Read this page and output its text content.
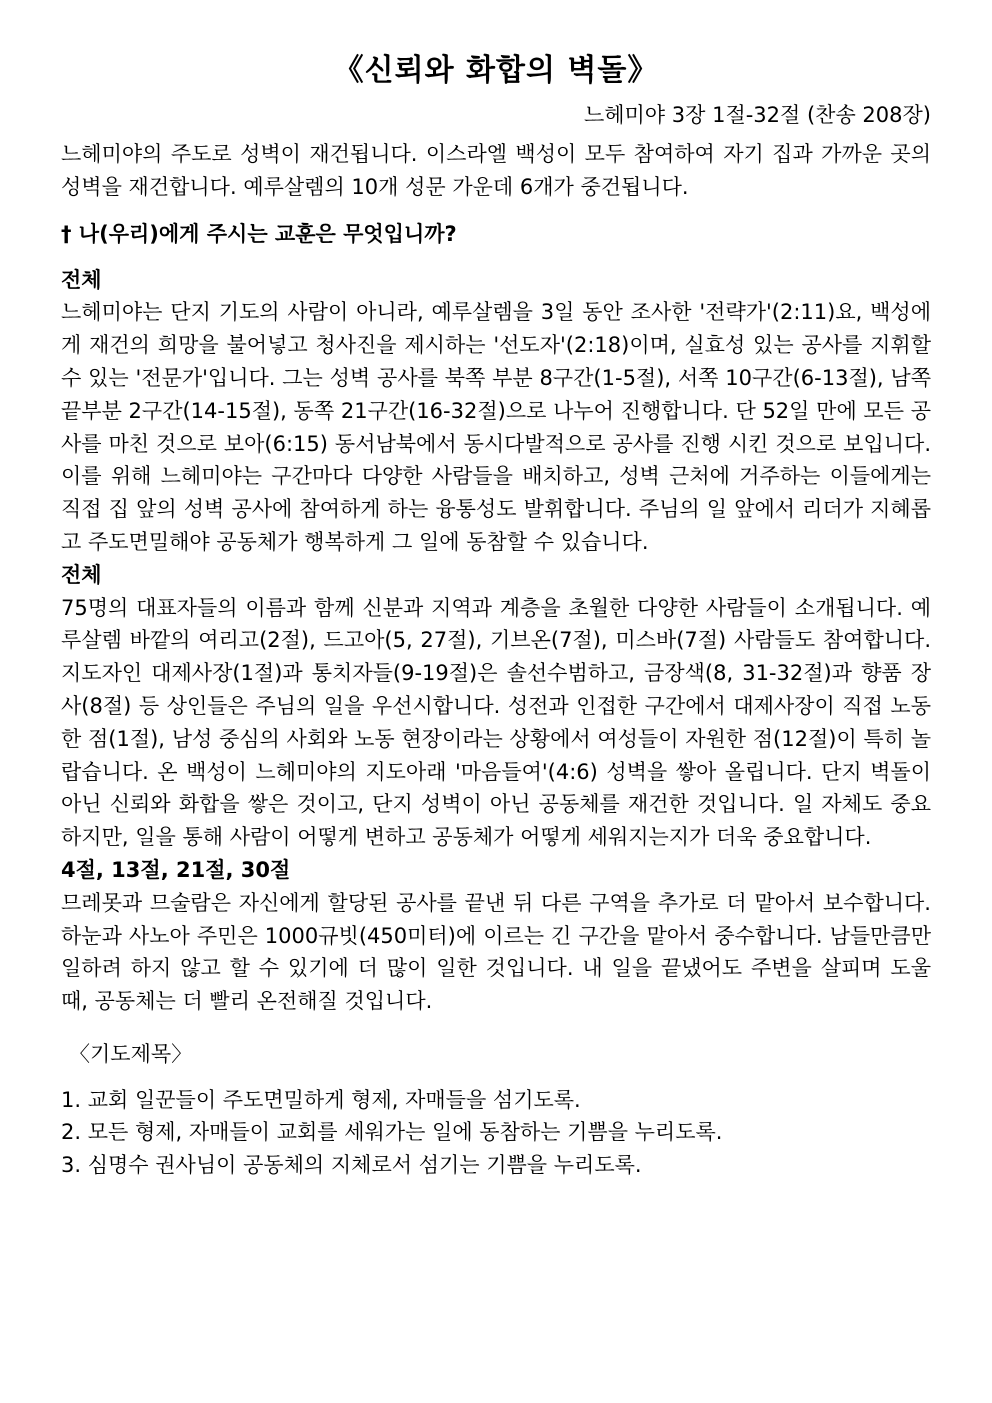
《신뢰와 화합의 벽돌》
느헤미야 3장 1절-32절 (찬송 208장)

느헤미야의 주도로 성벽이 재건됩니다. 이스라엘 백성이 모두 참여하여 자기 집과 가까운 곳의 성벽을 재건합니다. 예루살렘의 10개 성문 가운데 6개가 중건됩니다.

† 나(우리)에게 주시는 교훈은 무엇입니까?
전체

느헤미야는 단지 기도의 사람이 아니라, 예루살렘을 3일 동안 조사한 '전략가'(2:11)요, 백성에게 재건의 희망을 불어넣고 청사진을 제시하는 '선도자'(2:18)이며, 실효성 있는 공사를 지휘할 수 있는 '전문가'입니다. 그는 성벽 공사를 북쪽 부분 8구간(1-5절), 서쪽 10구간(6-13절), 남쪽 끝부분 2구간(14-15절), 동쪽 21구간(16-32절)으로 나누어 진행합니다. 단 52일 만에 모든 공사를 마친 것으로 보아(6:15) 동서남북에서 동시다발적으로 공사를 진행 시킨 것으로 보입니다. 이를 위해 느헤미야는 구간마다 다양한 사람들을 배치하고, 성벽 근처에 거주하는 이들에게는 직접 집 앞의 성벽 공사에 참여하게 하는 융통성도 발휘합니다. 주님의 일 앞에서 리더가 지혜롭고 주도면밀해야 공동체가 행복하게 그 일에 동참할 수 있습니다.

전체

75명의 대표자들의 이름과 함께 신분과 지역과 계층을 초월한 다양한 사람들이 소개됩니다. 예루살렘 바깥의 여리고(2절), 드고아(5, 27절), 기브온(7절), 미스바(7절) 사람들도 참여합니다. 지도자인 대제사장(1절)과 통치자들(9-19절)은 솔선수범하고, 금장색(8, 31-32절)과 향품 장사(8절) 등 상인들은 주님의 일을 우선시합니다. 성전과 인접한 구간에서 대제사장이 직접 노동한 점(1절), 남성 중심의 사회와 노동 현장이라는 상황에서 여성들이 자원한 점(12절)이 특히 놀랍습니다. 온 백성이 느헤미야의 지도아래 '마음들여'(4:6) 성벽을 쌓아 올립니다. 단지 벽돌이 아닌 신뢰와 화합을 쌓은 것이고, 단지 성벽이 아닌 공동체를 재건한 것입니다. 일 자체도 중요하지만, 일을 통해 사람이 어떻게 변하고 공동체가 어떻게 세워지는지가 더욱 중요합니다.

4절, 13절, 21절, 30절

므레못과 므술람은 자신에게 할당된 공사를 끝낸 뒤 다른 구역을 추가로 더 맡아서 보수합니다. 하눈과 사노아 주민은 1000규빗(450미터)에 이르는 긴 구간을 맡아서 중수합니다. 남들만큼만 일하려 하지 않고 할 수 있기에 더 많이 일한 것입니다. 내 일을 끝냈어도 주변을 살피며 도울 때, 공동체는 더 빨리 온전해질 것입니다.

〈기도제목〉
1. 교회 일꾼들이 주도면밀하게 형제, 자매들을 섬기도록.
2. 모든 형제, 자매들이 교회를 세워가는 일에 동참하는 기쁨을 누리도록.
3. 심명수 권사님이 공동체의 지체로서 섬기는 기쁨을 누리도록.
